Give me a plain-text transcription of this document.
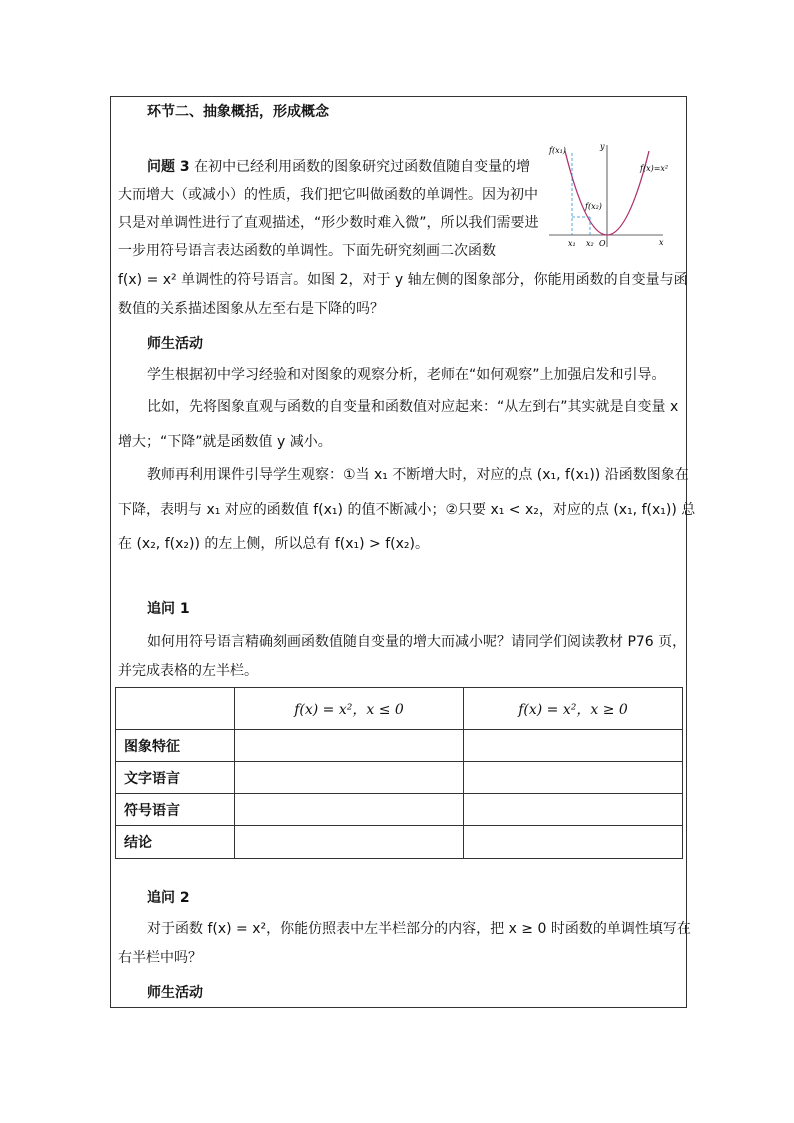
环节二、抽象概括，形成概念
问题 3 在初中已经利用函数的图象研究过函数值随自变量的增
大而增大（或减小）的性质，我们把它叫做函数的单调性。因为初中
只是对单调性进行了直观描述，“形少数时难入微”，所以我们需要进
一步用符号语言表达函数的单调性。下面先研究刻画二次函数
f(x) = x² 单调性的符号语言。如图 2，对于 y 轴左侧的图象部分，你能用函数的自变量与函
数值的关系描述图象从左至右是下降的吗？
f(x₁)
f(x₂)
f(x)=x²
x₁ x₂ O	x
y
师生活动
学生根据初中学习经验和对图象的观察分析，老师在“如何观察”上加强启发和引导。
比如，先将图象直观与函数的自变量和函数值对应起来：“从左到右”其实就是自变量 x
增大；“下降”就是函数值 y 减小。
教师再利用课件引导学生观察：①当 x₁ 不断增大时，对应的点 (x₁, f(x₁)) 沿函数图象在
下降，表明与 x₁ 对应的函数值 f(x₁) 的值不断减小；②只要 x₁ < x₂，对应的点 (x₁, f(x₁)) 总
在 (x₂, f(x₂)) 的左上侧，所以总有 f(x₁) > f(x₂)。
追问 1
如何用符号语言精确刻画函数值随自变量的增大而减小呢？请同学们阅读教材 P76 页，
并完成表格的左半栏。
	f(x) = x²，x ≤ 0	f(x) = x²，x ≥ 0
图象特征		
文字语言		
符号语言		
结论		
追问 2
对于函数 f(x) = x²，你能仿照表中左半栏部分的内容，把 x ≥ 0 时函数的单调性填写在
右半栏中吗？
师生活动
